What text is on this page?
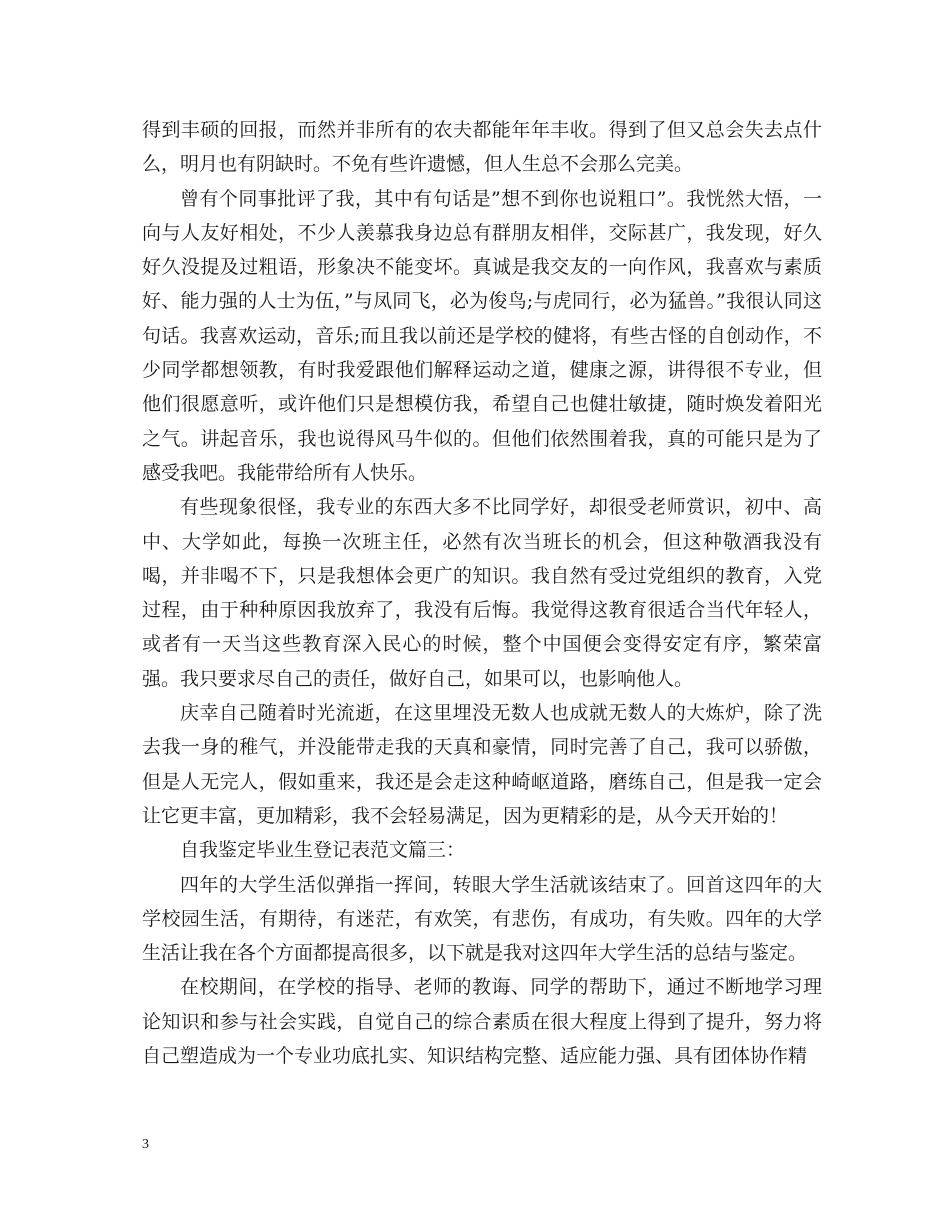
得到丰硕的回报，而然并非所有的农夫都能年年丰收。得到了但又总会失去点什么，明月也有阴缺时。不免有些许遗憾，但人生总不会那么完美。

曾有个同事批评了我，其中有句话是”想不到你也说粗口”。我恍然大悟，一向与人友好相处，不少人羡慕我身边总有群朋友相伴，交际甚广，我发现，好久好久没提及过粗语，形象决不能变坏。真诚是我交友的一向作风，我喜欢与素质好、能力强的人士为伍，”与凤同飞，必为俊鸟;与虎同行，必为猛兽。”我很认同这句话。我喜欢运动，音乐;而且我以前还是学校的健将，有些古怪的自创动作，不少同学都想领教，有时我爱跟他们解释运动之道，健康之源，讲得很不专业，但他们很愿意听，或许他们只是想模仿我，希望自己也健壮敏捷，随时焕发着阳光之气。讲起音乐，我也说得风马牛似的。但他们依然围着我，真的可能只是为了感受我吧。我能带给所有人快乐。

有些现象很怪，我专业的东西大多不比同学好，却很受老师赏识，初中、高中、大学如此，每换一次班主任，必然有次当班长的机会，但这种敬酒我没有喝，并非喝不下，只是我想体会更广的知识。我自然有受过党组织的教育，入党过程，由于种种原因我放弃了，我没有后悔。我觉得这教育很适合当代年轻人，或者有一天当这些教育深入民心的时候，整个中国便会变得安定有序，繁荣富强。我只要求尽自己的责任，做好自己，如果可以，也影响他人。

庆幸自己随着时光流逝，在这里埋没无数人也成就无数人的大炼炉，除了洗去我一身的稚气，并没能带走我的天真和豪情，同时完善了自己，我可以骄傲，但是人无完人，假如重来，我还是会走这种崎岖道路，磨练自己，但是我一定会让它更丰富，更加精彩，我不会轻易满足，因为更精彩的是，从今天开始的！

自我鉴定毕业生登记表范文篇三：

四年的大学生活似弹指一挥间，转眼大学生活就该结束了。回首这四年的大学校园生活，有期待，有迷茫，有欢笑，有悲伤，有成功，有失败。四年的大学生活让我在各个方面都提高很多，以下就是我对这四年大学生活的总结与鉴定。

在校期间，在学校的指导、老师的教诲、同学的帮助下，通过不断地学习理论知识和参与社会实践，自觉自己的综合素质在很大程度上得到了提升，努力将自己塑造成为一个专业功底扎实、知识结构完整、适应能力强、具有团体协作精

3
